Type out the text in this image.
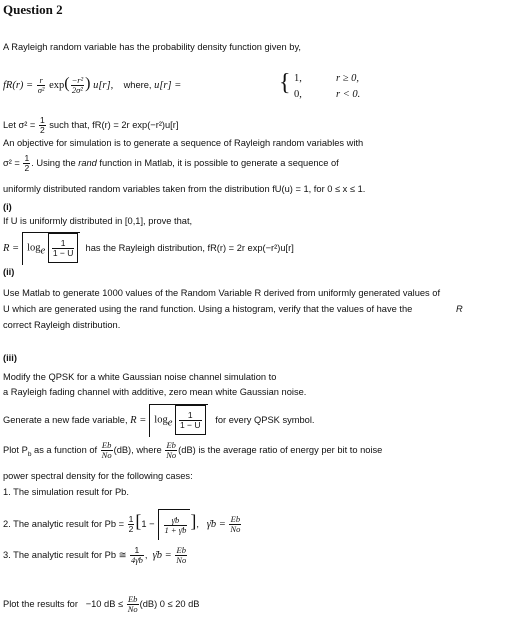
Question 2
A Rayleigh random variable has the probability density function given by,
$fR(r) = \frac{r}{\text{σ²}} \exp( \frac{\text{−r²}}{\text{2σ²}}$ ) u[r], where, u[r] =	{ 1,	r ≥ 0,
0,	r < 0.
Let $\sigma^2 = \frac{1}{2}$ such that, fR(r) = 2r exp(−r²)u[r]
An objective for simulation is to generate a sequence of Rayleigh random variables with
$\sigma^2 = \frac{1}{2}$ . Using the rand function in Matlab, it is possible to generate a sequence of
uniformly distributed random variables taken from the distribution fU(u) = 1, for 0 ≤ x ≤ 1.
(i)
If U is uniformly distributed in [0,1], prove that,
$R = \log_e \frac{1}{1 - U}$ has the Rayleigh distribution, fR(r) = 2r exp(−r²)u[r]
(ii)
Use Matlab to generate 1000 values of the Random Variable R derived from uniformly generated values of
U which are generated using the rand function. Using a histogram, verify that the values of have the	R
correct Rayleigh distribution.
(iii)
Modify the QPSK for a white Gaussian noise channel simulation to
a Rayleigh fading channel with additive, zero mean white Gaussian noise.
Generate a new fade variable, $R = \log_e \frac{1}{1 - U}$ for every QPSK symbol.
Plot $P_b$ as a function of $\frac{Eb}{No} (dB)$, where $\frac{Eb}{No} (dB)$ is the average ratio of energy per bit to noise
power spectral density for the following cases:
1. The simulation result for Pb.
2. The analytic result for $Pb = \frac{1}{2} [1 - \frac{\gammāb}{1 + \gammāb}$ ],   γ̄b = $\frac{Eb}{No}$
3. The analytic result for Pb ≅ $\frac{1}{4\gammāb}$ ,  γ̄b = $\frac{Eb}{No}$
Plot the results for −10 dB ≤ $\frac{Eb}{No} (dB) 0 \le 20$ dB
